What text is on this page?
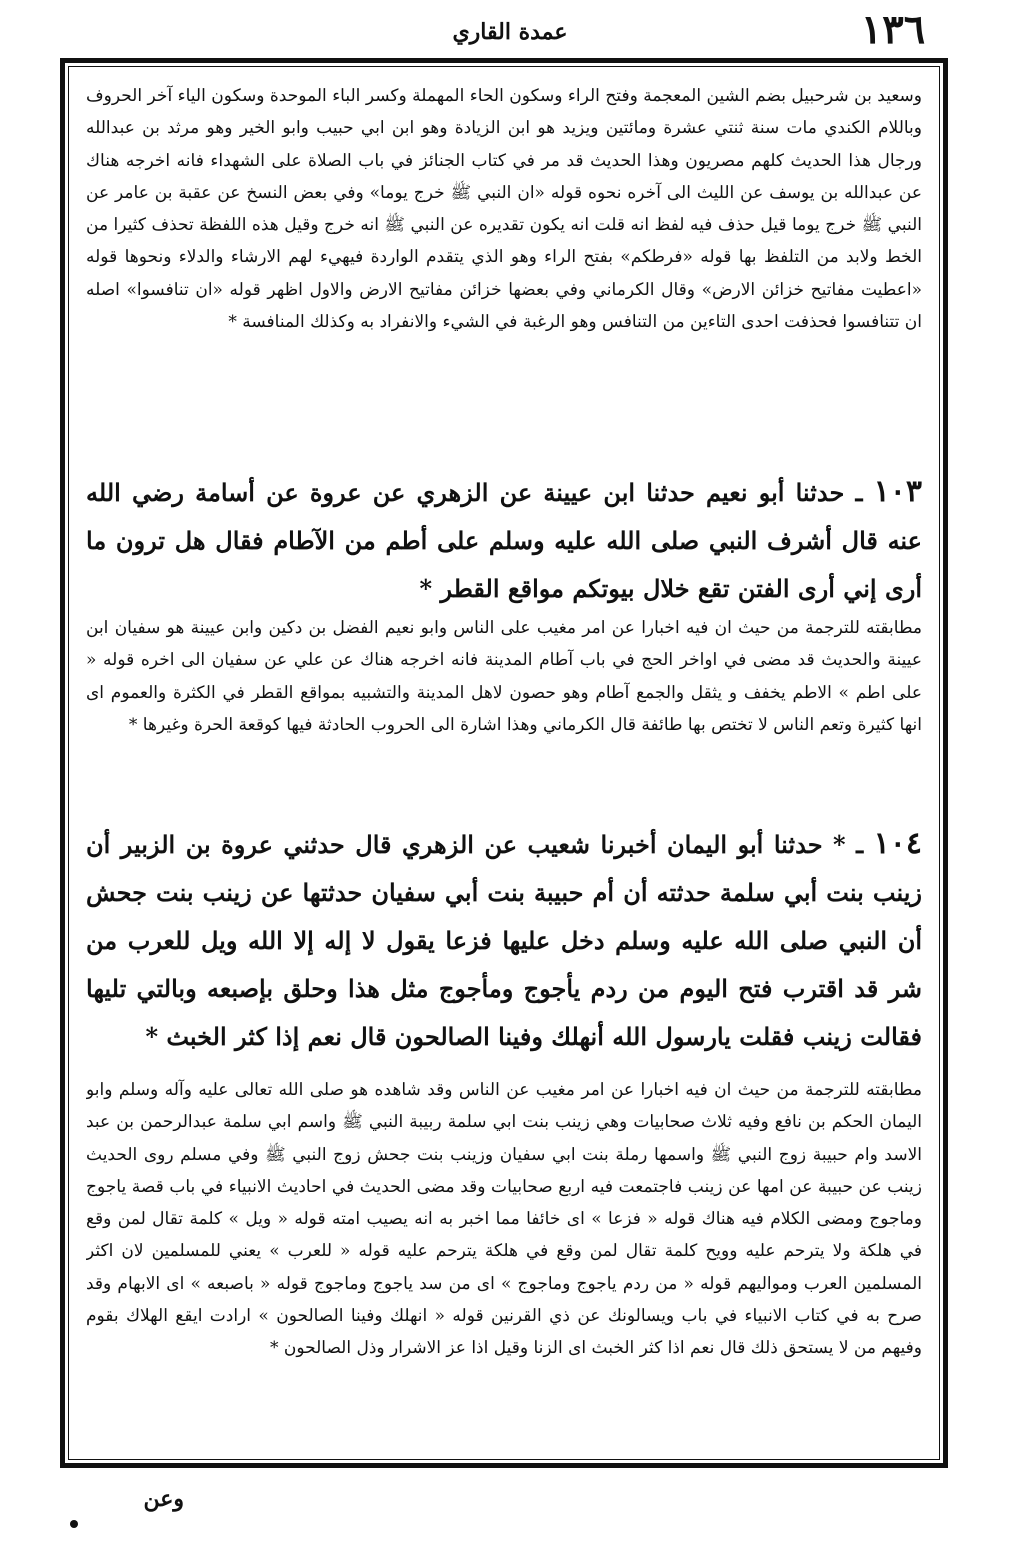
١٣٦
عمدة القاري

وسعيد بن شرحبيل بضم الشين المعجمة وفتح الراء وسكون الحاء المهملة وكسر الباء الموحدة وسكون الياء آخر الحروف وباللام الكندي مات سنة ثنتي عشرة ومائتين ويزيد هو ابن الزيادة وهو ابن ابي حبيب وابو الخير وهو مرثد بن عبدالله ورجال هذا الحديث كلهم مصريون وهذا الحديث قد مر في كتاب الجنائز في باب الصلاة على الشهداء فانه اخرجه هناك عن عبدالله بن يوسف عن الليث الى آخره نحوه قوله «ان النبي ﷺ خرج يوما» وفي بعض النسخ عن عقبة بن عامر عن النبي ﷺ خرج يوما قيل حذف فيه لفظ انه قلت انه يكون تقديره عن النبي ﷺ انه خرج وقيل هذه اللفظة تحذف كثيرا من الخط ولابد من التلفظ بها قوله «فرطكم» بفتح الراء وهو الذي يتقدم الواردة فيهيء لهم الارشاء والدلاء ونحوها قوله «اعطيت مفاتيح خزائن الارض» وقال الكرماني وفي بعضها خزائن مفاتيح الارض والاول اظهر قوله «ان تنافسوا» اصله ان تتنافسوا فحذفت احدى التاءين من التنافس وهو الرغبة في الشيء والانفراد به وكذلك المنافسة *

١٠٣ ـ حدثنا أبو نعيم حدثنا ابن عيينة عن الزهري عن عروة عن أسامة رضي الله عنه قال أشرف النبي صلى الله عليه وسلم على أطم من الآطام فقال هل ترون ما أرى إني أرى الفتن تقع خلال بيوتكم مواقع القطر *

مطابقته للترجمة من حيث ان فيه اخبارا عن امر مغيب على الناس وابو نعيم الفضل بن دكين وابن عيينة هو سفيان ابن عيينة والحديث قد مضى في اواخر الحج في باب آطام المدينة فانه اخرجه هناك عن علي عن سفيان الى اخره قوله « على اطم » الاطم يخفف و يثقل والجمع آطام وهو حصون لاهل المدينة والتشبيه بمواقع القطر في الكثرة والعموم اى انها كثيرة وتعم الناس لا تختص بها طائفة قال الكرماني وهذا اشارة الى الحروب الحادثة فيها كوقعة الحرة وغيرها *

١٠٤ ـ * حدثنا أبو اليمان أخبرنا شعيب عن الزهري قال حدثني عروة بن الزبير أن زينب بنت أبي سلمة حدثته أن أم حبيبة بنت أبي سفيان حدثتها عن زينب بنت جحش أن النبي صلى الله عليه وسلم دخل عليها فزعا يقول لا إله إلا الله ويل للعرب من شر قد اقترب فتح اليوم من ردم يأجوج ومأجوج مثل هذا وحلق بإصبعه وبالتي تليها فقالت زينب فقلت يارسول الله أنهلك وفينا الصالحون قال نعم إذا كثر الخبث *

مطابقته للترجمة من حيث ان فيه اخبارا عن امر مغيب عن الناس وقد شاهده هو صلى الله تعالى عليه وآله وسلم وابو اليمان الحكم بن نافع وفيه ثلاث صحابيات وهي زينب بنت ابي سلمة ربيبة النبي ﷺ واسم ابي سلمة عبدالرحمن بن عبد الاسد وام حبيبة زوج النبي ﷺ واسمها رملة بنت ابي سفيان وزينب بنت جحش زوج النبي ﷺ وفي مسلم روى الحديث زينب عن حبيبة عن امها عن زينب فاجتمعت فيه اربع صحابيات وقد مضى الحديث في احاديث الانبياء في باب قصة ياجوج وماجوج ومضى الكلام فيه هناك قوله « فزعا » اى خائفا مما اخبر به انه يصيب امته قوله « ويل » كلمة تقال لمن وقع في هلكة ولا يترحم عليه وويح كلمة تقال لمن وقع في هلكة يترحم عليه قوله « للعرب » يعني للمسلمين لان اكثر المسلمين العرب ومواليهم قوله « من ردم ياجوج وماجوج » اى من سد ياجوج وماجوج قوله « باصبعه » اى الابهام وقد صرح به في كتاب الانبياء في باب ويسالونك عن ذي القرنين قوله « انهلك وفينا الصالحون » ارادت ايقع الهلاك بقوم وفيهم من لا يستحق ذلك قال نعم اذا كثر الخبث اى الزنا وقيل اذا عز الاشرار وذل الصالحون *

وعن
